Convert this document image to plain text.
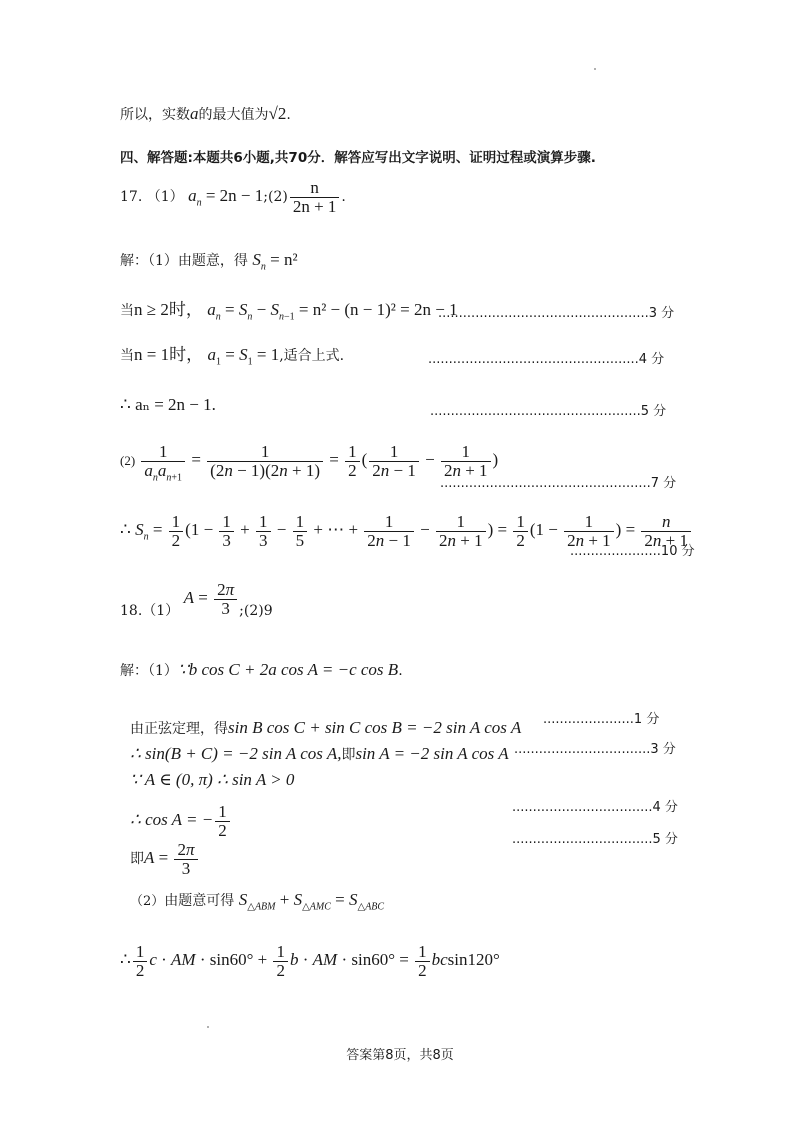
所以，实数a的最大值为√2.
四、解答题:本题共6小题,共70分．解答应写出文字说明、证明过程或演算步骤.
17. （1） $a_n = 2n$ − 1;(2) $\frac{n}{2n + 1}$ .
解：（1）由题意，得 $S_n = n^2$
当n ≥ 2时， $a_n = S_n - S_{n-1} = n^2 - (n - 1)^2 = 2n - 1$
...................................................3 分
当n = 1时， $a_1 = S_1 = 1$,适合上式.	...................................................4 分
∴ aₙ = 2n − 1.	...................................................5 分
$(2) \frac{1}{a_na_{n+1}} = \frac{1}{(2n - 1)(2n + 1)} = \frac{1}{2}$ ( $\frac{1}{2n - 1} - \frac{1}{2n + 1}$ )
...................................................7 分
∴ $S_n = \frac{1}{2} (1 - \frac{1}{3} + \frac{1}{3} - \frac{1}{5}$ + ⋯ + $\frac{1}{2n - 1} - \frac{1}{2n + 1}$ ) = $\frac{1}{2} (1 - \frac{1}{2n + 1}$ ) = $\frac{n}{2n + 1}$
......................10 分
18.（1） $A = \frac{2\pi}{3}$ ;(2)9
解：（1）∵b cos C + 2a cos A = −c cos B.
由正弦定理，得sin B cos C + sin C cos B = −2 sin A cos A ......................1 分
∴ sin(B + C) = −2 sin A cos A,即sin A = −2 sin A cos A .................................3 分
∵ A ∈ (0, π) ∴ sin A > 0
∴ cos A = − $\frac{1}{2}$	..................................4 分
..................................5 分
即$A = \frac{2\pi}{3}$
（2）由题意可得 $S_{\triangle ABM} + S_{\triangle AMC} = S_{\triangle ABC}$
∴ $\frac{1}{2}$ c · AM · $\sin 60^\circ + \frac{1}{2}$ b · AM · $\sin 60^\circ = \frac{1}{2} bcsin120^\circ$
答案第8页，共8页
